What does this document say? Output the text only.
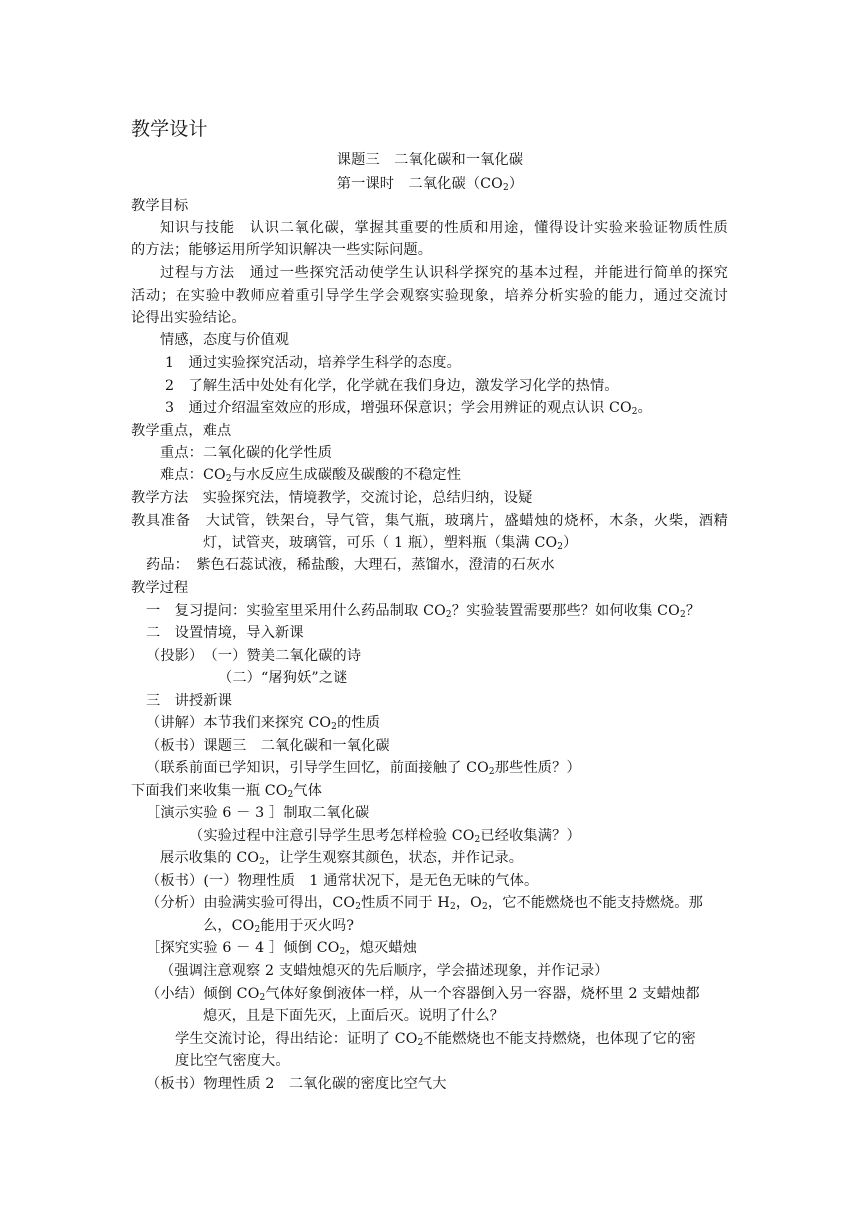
教学设计
课题三　二氧化碳和一氧化碳
第一课时　二氧化碳$(CO_2)$
教学目标
知识与技能　认识二氧化碳，掌握其重要的性质和用途，懂得设计实验来验证物质性质
的方法；能够运用所学知识解决一些实际问题。
过程与方法　通过一些探究活动使学生认识科学探究的基本过程，并能进行简单的探究
活动；在实验中教师应着重引导学生学会观察实验现象，培养分析实验的能力，通过交流讨
论得出实验结论。
情感，态度与价值观
1　通过实验探究活动，培养学生科学的态度。
2　了解生活中处处有化学，化学就在我们身边，激发学习化学的热情。
3　通过介绍温室效应的形成，增强环保意识；学会用辨证的观点认识 $CO_2$。
教学重点，难点
重点：二氧化碳的化学性质
难点：$CO_2$与水反应生成碳酸及碳酸的不稳定性
教学方法　实验探究法，情境教学，交流讨论，总结归纳，设疑
教具准备　大试管，铁架台，导气管，集气瓶，玻璃片，盛蜡烛的烧杯，木条，火柴，酒精
灯，试管夹，玻璃管，可乐（ 1 瓶），塑料瓶（集满 $CO_2$）
药品：　紫色石蕊试液，稀盐酸，大理石，蒸馏水，澄清的石灰水
教学过程
一　复习提问：实验室里采用什么药品制取 $CO_2$？实验装置需要那些？如何收集 $CO_2$？
二　设置情境，导入新课
（投影）　（一）赞美二氧化碳的诗
（二）“屠狗妖”之谜
三　讲授新课
（讲解）本节我们来探究 $CO_2$的性质
（板书）课题三　二氧化碳和一氧化碳
（联系前面已学知识，引导学生回忆，前面接触了 $CO_2$那些性质？）
下面我们来收集一瓶 $CO_2$气体
［演示实验 6 － 3 ］制取二氧化碳
（实验过程中注意引导学生思考怎样检验 $CO_2$已经收集满？）
展示收集的 $CO_2$，让学生观察其颜色，状态，并作记录。
（板书）(一）物理性质　1 通常状况下，是无色无味的气体。
（分析）由验满实验可得出，$CO_2$性质不同于 $H_2$，$O_2$，它不能燃烧也不能支持燃烧。那
么，$CO_2$能用于灭火吗?
［探究实验 6 － 4 ］倾倒 $CO_2$，熄灭蜡烛
（强调注意观察 2 支蜡烛熄灭的先后顺序，学会描述现象，并作记录）
（小结）倾倒 $CO_2$气体好象倒液体一样，从一个容器倒入另一容器，烧杯里 2 支蜡烛都
熄灭，且是下面先灭，上面后灭。说明了什么？
学生交流讨论，得出结论：证明了 $CO_2$不能燃烧也不能支持燃烧，也体现了它的密
度比空气密度大。
（板书）物理性质 2　二氧化碳的密度比空气大
